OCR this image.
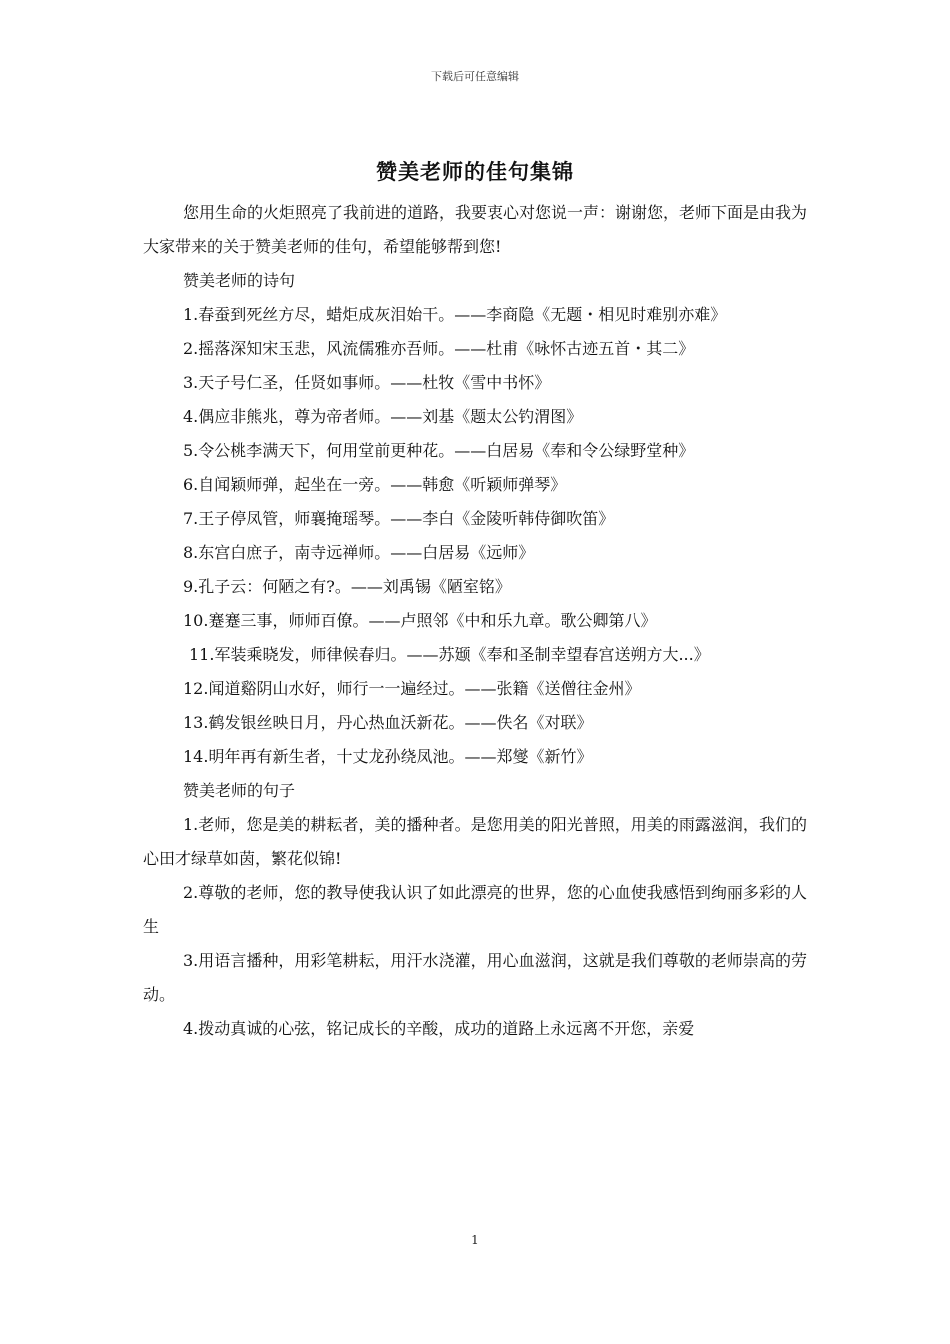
下载后可任意编辑
赞美老师的佳句集锦

您用生命的火炬照亮了我前进的道路，我要衷心对您说一声：谢谢您，老师下面是由我为大家带来的关于赞美老师的佳句，希望能够帮到您!

赞美老师的诗句

1.春蚕到死丝方尽，蜡炬成灰泪始干。——李商隐《无题・相见时难别亦难》

2.摇落深知宋玉悲，风流儒雅亦吾师。——杜甫《咏怀古迹五首・其二》

3.天子号仁圣，任贤如事师。——杜牧《雪中书怀》

4.偶应非熊兆，尊为帝者师。——刘基《题太公钓渭图》

5.令公桃李满天下，何用堂前更种花。——白居易《奉和令公绿野堂种》

6.自闻颖师弹，起坐在一旁。——韩愈《听颖师弹琴》

7.王子停凤管，师襄掩瑶琴。——李白《金陵听韩侍御吹笛》

8.东宫白庶子，南寺远禅师。——白居易《远师》

9.孔子云：何陋之有?。——刘禹锡《陋室铭》

10.蹇蹇三事，师师百僚。——卢照邻《中和乐九章。歌公卿第八》

11.军装乘晓发，师律候春归。——苏颋《奉和圣制幸望春宫送朔方大...》

12.闻道谿阴山水好，师行一一遍经过。——张籍《送僧往金州》

13.鹤发银丝映日月，丹心热血沃新花。——佚名《对联》

14.明年再有新生者，十丈龙孙绕凤池。——郑燮《新竹》

赞美老师的句子

1.老师，您是美的耕耘者，美的播种者。是您用美的阳光普照，用美的雨露滋润，我们的心田才绿草如茵，繁花似锦!

2.尊敬的老师，您的教导使我认识了如此漂亮的世界，您的心血使我感悟到绚丽多彩的人生

3.用语言播种，用彩笔耕耘，用汗水浇灌，用心血滋润，这就是我们尊敬的老师崇高的劳动。

4.拨动真诚的心弦，铭记成长的辛酸，成功的道路上永远离不开您，亲爱

1
